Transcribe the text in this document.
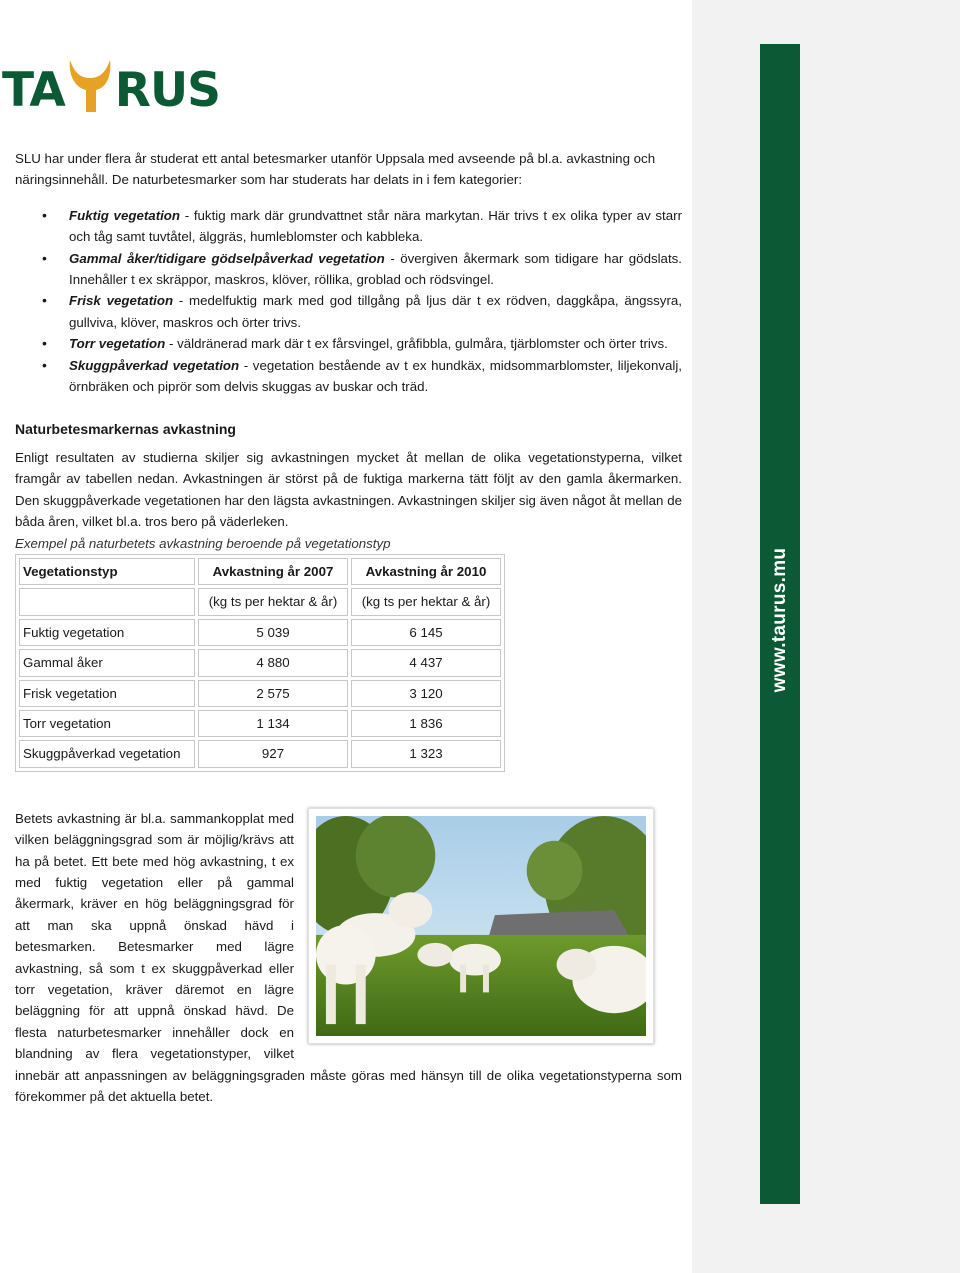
www.taurus.mu
TA RUS

SLU har under flera år studerat ett antal betesmarker utanför Uppsala med avseende på bl.a. avkastning och näringsinnehåll. De naturbetesmarker som har studerats har delats in i fem kategorier:

• Fuktig vegetation - fuktig mark där grundvattnet står nära markytan. Här trivs t ex olika typer av starr och tåg samt tuvtåtel, älggräs, humleblomster och kabbleka.
• Gammal åker/tidigare gödselpåverkad vegetation - övergiven åkermark som tidigare har gödslats. Innehåller t ex skräppor, maskros, klöver, röllika, groblad och rödsvingel.
• Frisk vegetation - medelfuktig mark med god tillgång på ljus där t ex rödven, daggkåpa, ängssyra, gullviva, klöver, maskros och örter trivs.
• Torr vegetation - väldränerad mark där t ex fårsvingel, gråfibbla, gulmåra, tjärblomster och örter trivs.
• Skuggpåverkad vegetation - vegetation bestående av t ex hundkäx, midsommarblomster, liljekonvalj, örnbräken och piprör som delvis skuggas av buskar och träd.
Naturbetesmarkernas avkastning

Enligt resultaten av studierna skiljer sig avkastningen mycket åt mellan de olika vegetationstyperna, vilket framgår av tabellen nedan. Avkastningen är störst på de fuktiga markerna tätt följt av den gamla åkermarken. Den skuggpåverkade vegetationen har den lägsta avkastningen. Avkastningen skiljer sig även något åt mellan de båda åren, vilket bl.a. tros bero på väderleken.

Exempel på naturbetets avkastning beroende på vegetationstyp

Vegetationstyp	Avkastning år 2007	Avkastning år 2010
	(kg ts per hektar & år)	(kg ts per hektar & år)
Fuktig vegetation	5 039	6 145
Gammal åker	4 880	4 437
Frisk vegetation	2 575	3 120
Torr vegetation	1 134	1 836
Skuggpåverkad vegetation	927	1 323

Betets avkastning är bl.a. sammankopplat med vilken beläggningsgrad som är möjlig/krävs att ha på betet. Ett bete med hög avkastning, t ex med fuktig vegetation eller på gammal åkermark, kräver en hög beläggningsgrad för att man ska uppnå önskad hävd i betesmarken. Betesmarker med lägre avkastning, så som t ex skuggpåverkad eller torr vegetation, kräver däremot en lägre beläggning för att uppnå önskad hävd. De flesta naturbetesmarker innehåller dock en blandning av flera vegetationstyper, vilket innebär att anpassningen av beläggningsgraden måste göras med hänsyn till de olika vegetationstyperna som förekommer på det aktuella betet.
